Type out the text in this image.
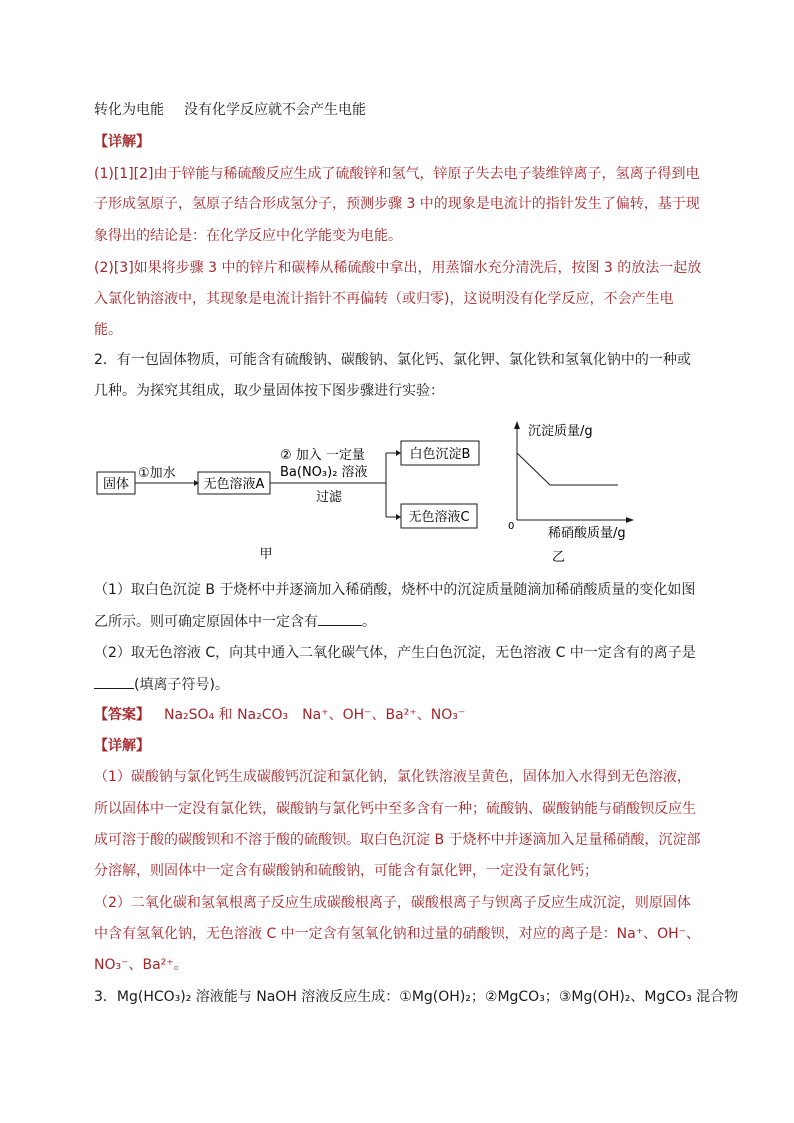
转化为电能 没有化学反应就不会产生电能
【详解】
(1)[1][2]由于锌能与稀硫酸反应生成了硫酸锌和氢气，锌原子失去电子装维锌离子，氢离子得到电
子形成氢原子，氢原子结合形成氢分子，预测步骤 3 中的现象是电流计的指针发生了偏转，基于现
象得出的结论是：在化学反应中化学能变为电能。
(2)[3]如果将步骤 3 中的锌片和碳棒从稀硫酸中拿出，用蒸馏水充分清洗后，按图 3 的放法一起放
入氯化钠溶液中，其现象是电流计指针不再偏转（或归零)，这说明没有化学反应，不会产生电
能。
2．有一包固体物质，可能含有硫酸钠、碳酸钠、氯化钙、氯化钾、氯化铁和氢氧化钠中的一种或
几种。为探究其组成，取少量固体按下图步骤进行实验：
固体
①加水
无色溶液A
② 加入 一定量
Ba(NO₃)₂ 溶液
过滤
白色沉淀B
无色溶液C
甲
沉淀质量/g
0	稀硝酸质量/g
乙
（1）取白色沉淀 B 于烧杯中并逐滴加入稀硝酸，烧杯中的沉淀质量随滴加稀硝酸质量的变化如图
乙所示。则可确定原固体中一定含有	。
（2）取无色溶液 C，向其中通入二氧化碳气体，产生白色沉淀，无色溶液 C 中一定含有的离子是
(填离子符号)。
【答案】 Na₂SO₄ 和 Na₂CO₃ Na⁺、OH⁻、Ba²⁺、NO₃⁻
【详解】
（1）碳酸钠与氯化钙生成碳酸钙沉淀和氯化钠，氯化铁溶液呈黄色，固体加入水得到无色溶液，
所以固体中一定没有氯化铁，碳酸钠与氯化钙中至多含有一种；硫酸钠、碳酸钠能与硝酸钡反应生
成可溶于酸的碳酸钡和不溶于酸的硫酸钡。取白色沉淀 B 于烧杯中并逐滴加入足量稀硝酸，沉淀部
分溶解，则固体中一定含有碳酸钠和硫酸钠，可能含有氯化钾，一定没有氯化钙；
（2）二氧化碳和氢氧根离子反应生成碳酸根离子，碳酸根离子与钡离子反应生成沉淀，则原固体
中含有氢氧化钠，无色溶液 C 中一定含有氢氧化钠和过量的硝酸钡，对应的离子是：Na⁺、OH⁻、
NO₃⁻、Ba²⁺。
3．Mg(HCO₃)₂ 溶液能与 NaOH 溶液反应生成：①Mg(OH)₂；②MgCO₃；③Mg(OH)₂、MgCO₃ 混合物
